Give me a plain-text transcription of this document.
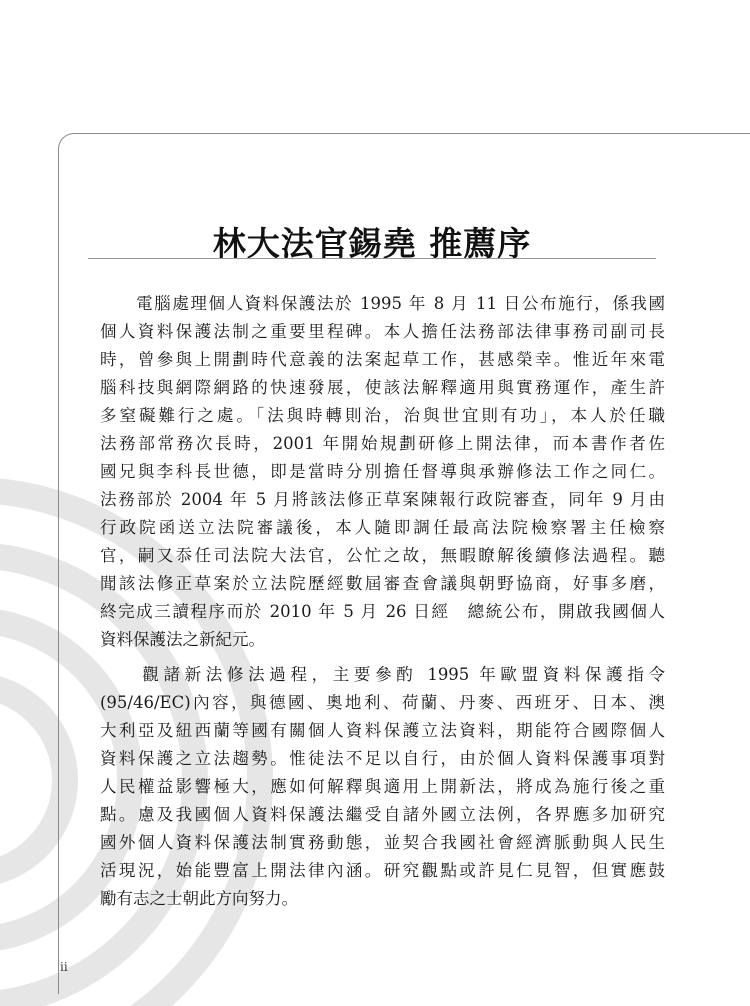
林大法官錫堯 推薦序
　　電腦處理個人資料保護法於 1995 年 8 月 11 日公布施行，係我國
個人資料保護法制之重要里程碑。本人擔任法務部法律事務司副司長
時，曾參與上開劃時代意義的法案起草工作，甚感榮幸。惟近年來電
腦科技與網際網路的快速發展，使該法解釋適用與實務運作，產生許
多窒礙難行之處。「法與時轉則治，治與世宜則有功」，本人於任職
法務部常務次長時，2001 年開始規劃研修上開法律，而本書作者佐
國兄與李科長世德，即是當時分別擔任督導與承辦修法工作之同仁。
法務部於 2004 年 5 月將該法修正草案陳報行政院審查，同年 9 月由
行政院函送立法院審議後，本人隨即調任最高法院檢察署主任檢察
官，嗣又忝任司法院大法官，公忙之故，無暇瞭解後續修法過程。聽
聞該法修正草案於立法院歷經數屆審查會議與朝野協商，好事多磨，
終完成三讀程序而於 2010 年 5 月 26 日經　總統公布，開啟我國個人
資料保護法之新紀元。
　　觀諸新法修法過程，主要參酌 1995 年歐盟資料保護指令
(95/46/EC)內容，與德國、奧地利、荷蘭、丹麥、西班牙、日本、澳
大利亞及紐西蘭等國有關個人資料保護立法資料，期能符合國際個人
資料保護之立法趨勢。惟徒法不足以自行，由於個人資料保護事項對
人民權益影響極大，應如何解釋與適用上開新法，將成為施行後之重
點。慮及我國個人資料保護法繼受自諸外國立法例，各界應多加研究
國外個人資料保護法制實務動態，並契合我國社會經濟脈動與人民生
活現況，始能豐富上開法律內涵。研究觀點或許見仁見智，但實應鼓
勵有志之士朝此方向努力。
ii
